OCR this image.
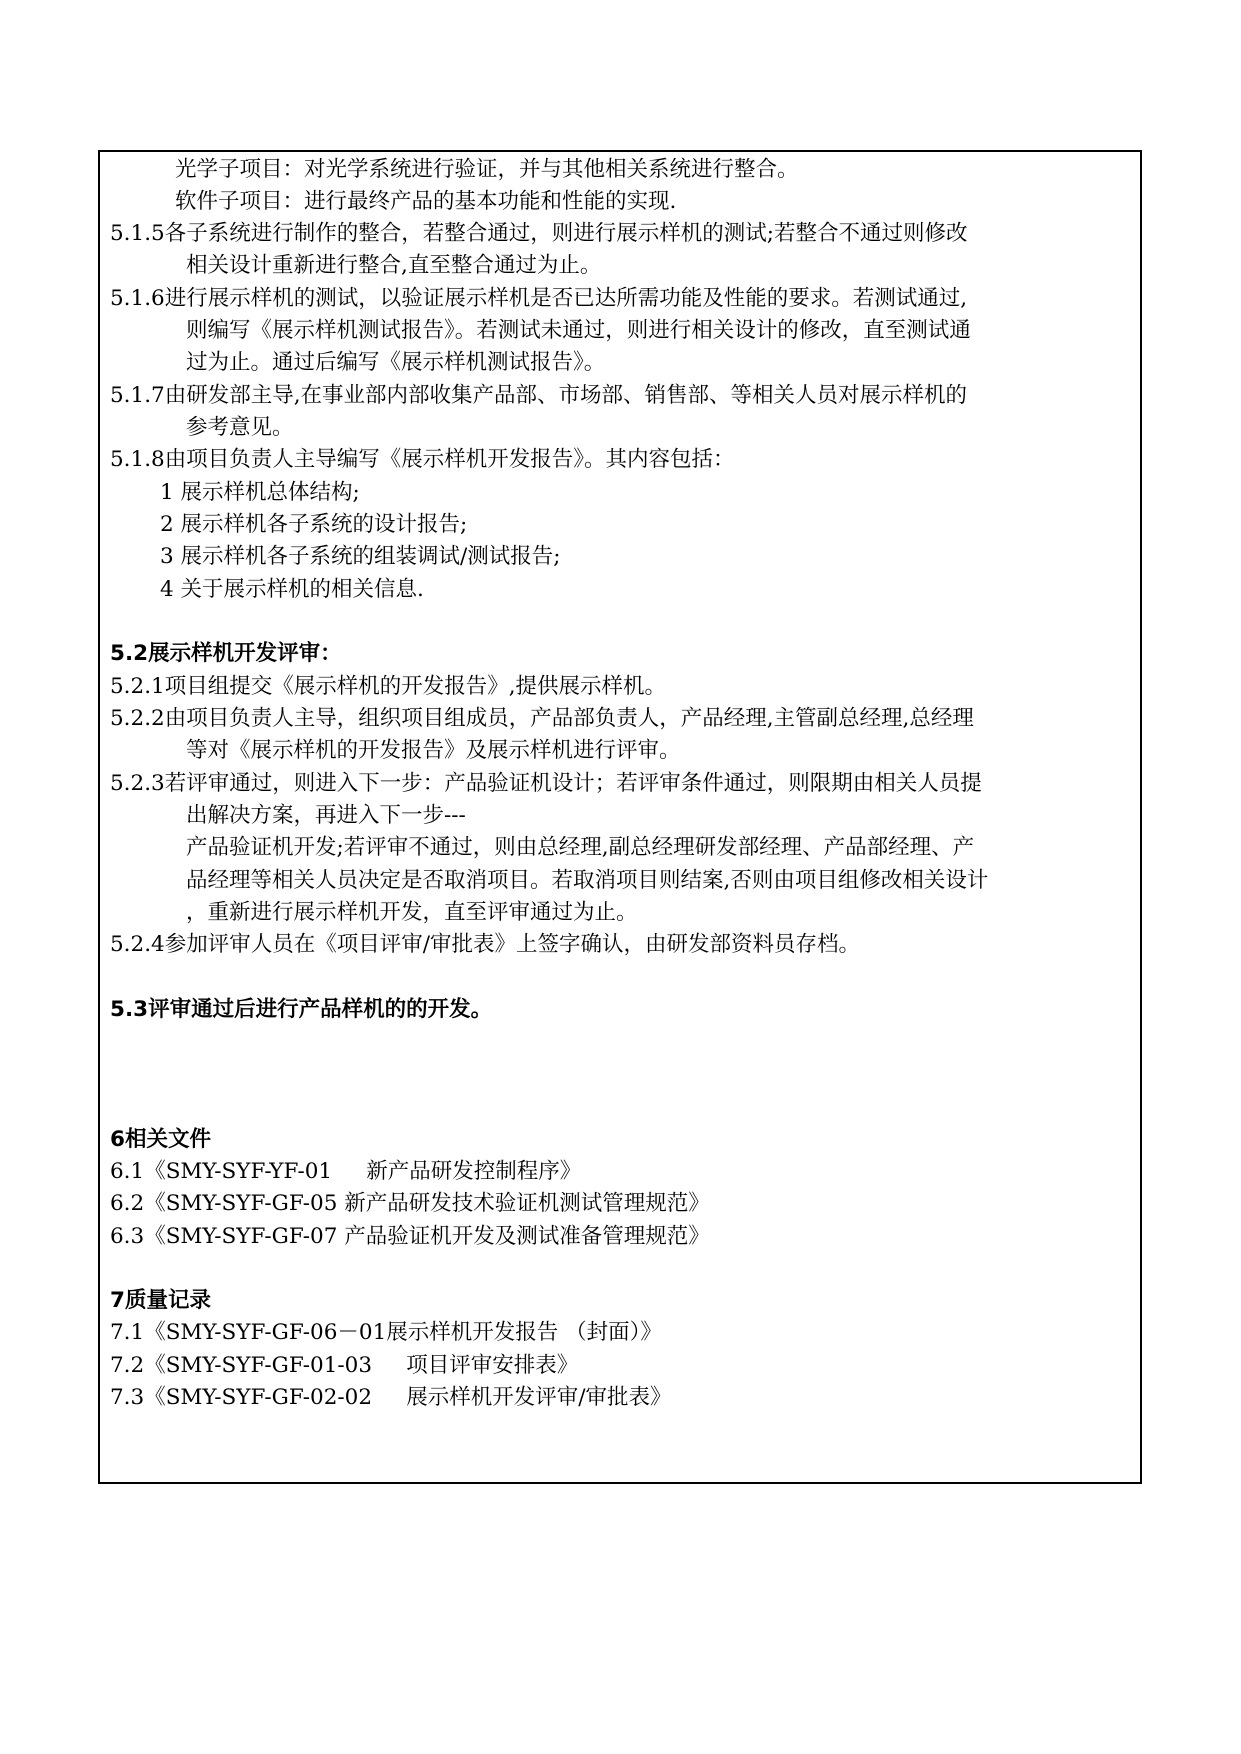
光学子项目：对光学系统进行验证，并与其他相关系统进行整合。
软件子项目：进行最终产品的基本功能和性能的实现.
5.1.5各子系统进行制作的整合，若整合通过，则进行展示样机的测试;若整合不通过则修改
相关设计重新进行整合,直至整合通过为止。
5.1.6进行展示样机的测试，以验证展示样机是否已达所需功能及性能的要求。若测试通过,
则编写《展示样机测试报告》。若测试未通过，则进行相关设计的修改，直至测试通
过为止。通过后编写《展示样机测试报告》。
5.1.7由研发部主导,在事业部内部收集产品部、市场部、销售部、等相关人员对展示样机的
参考意见。
5.1.8由项目负责人主导编写《展示样机开发报告》。其内容包括：
1 展示样机总体结构;
2 展示样机各子系统的设计报告;
3 展示样机各子系统的组装调试/测试报告;
4 关于展示样机的相关信息.
5.2展示样机开发评审：
5.2.1项目组提交《展示样机的开发报告》,提供展示样机。
5.2.2由项目负责人主导，组织项目组成员，产品部负责人，产品经理,主管副总经理,总经理
等对《展示样机的开发报告》及展示样机进行评审。
5.2.3若评审通过，则进入下一步：产品验证机设计；若评审条件通过，则限期由相关人员提
出解决方案，再进入下一步---
产品验证机开发;若评审不通过，则由总经理,副总经理研发部经理、产品部经理、产
品经理等相关人员决定是否取消项目。若取消项目则结案,否则由项目组修改相关设计
，重新进行展示样机开发，直至评审通过为止。
5.2.4参加评审人员在《项目评审/审批表》上签字确认，由研发部资料员存档。
5.3评审通过后进行产品样机的的开发。
6相关文件
6.1《SMY-SYF-YF-01     新产品研发控制程序》
6.2《SMY-SYF-GF-05 新产品研发技术验证机测试管理规范》
6.3《SMY-SYF-GF-07 产品验证机开发及测试准备管理规范》
7质量记录
7.1《SMY-SYF-GF-06－01展示样机开发报告 （封面）》
7.2《SMY-SYF-GF-01-03     项目评审安排表》
7.3《SMY-SYF-GF-02-02     展示样机开发评审/审批表》
